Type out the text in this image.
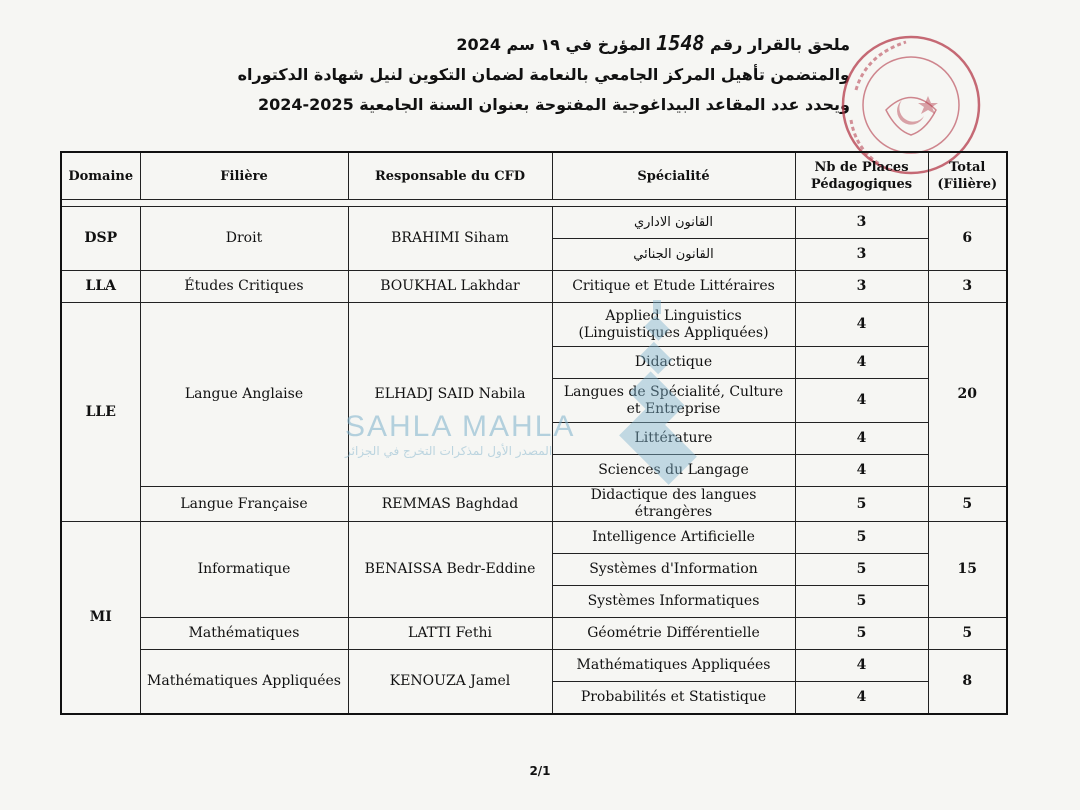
ملحق بالقرار رقم 1548 المؤرخ في ١٩ سم 2024
والمتضمن تأهيل المركز الجامعي بالنعامة لضمان التكوين لنيل شهادة الدكتوراه
ويحدد عدد المقاعد البيداغوجية المفتوحة بعنوان السنة الجامعية 2025-2024
Domaine	Filière	Responsable du CFD	Spécialité	Nb de Places Pédagogiques	Total (Filière)

DSP	Droit	BRAHIMI Siham	القانون الاداري	3	6
			القانون الجنائي	3	
LLA	Études Critiques	BOUKHAL Lakhdar	Critique et Etude Littéraires	3	3
LLE	Langue Anglaise	ELHADJ SAID Nabila	Applied Linguistics (Linguistiques Appliquées)	4	20
			Didactique	4	
			Langues de Spécialité, Culture et Entreprise	4	
			Littérature	4	
			Sciences du Langage	4	
	Langue Française	REMMAS Baghdad	Didactique des langues étrangères	5	5
MI	Informatique	BENAISSA Bedr-Eddine	Intelligence Artificielle	5	15
			Systèmes d'Information	5	
			Systèmes Informatiques	5	
	Mathématiques	LATTI Fethi	Géométrie Différentielle	5	5
	Mathématiques Appliquées	KENOUZA Jamel	Mathématiques Appliquées	4	8
			Probabilités et Statistique	4	
SAHLA MAHLA
المصدر الأول لمذكرات التخرج في الجزائر
2/1
